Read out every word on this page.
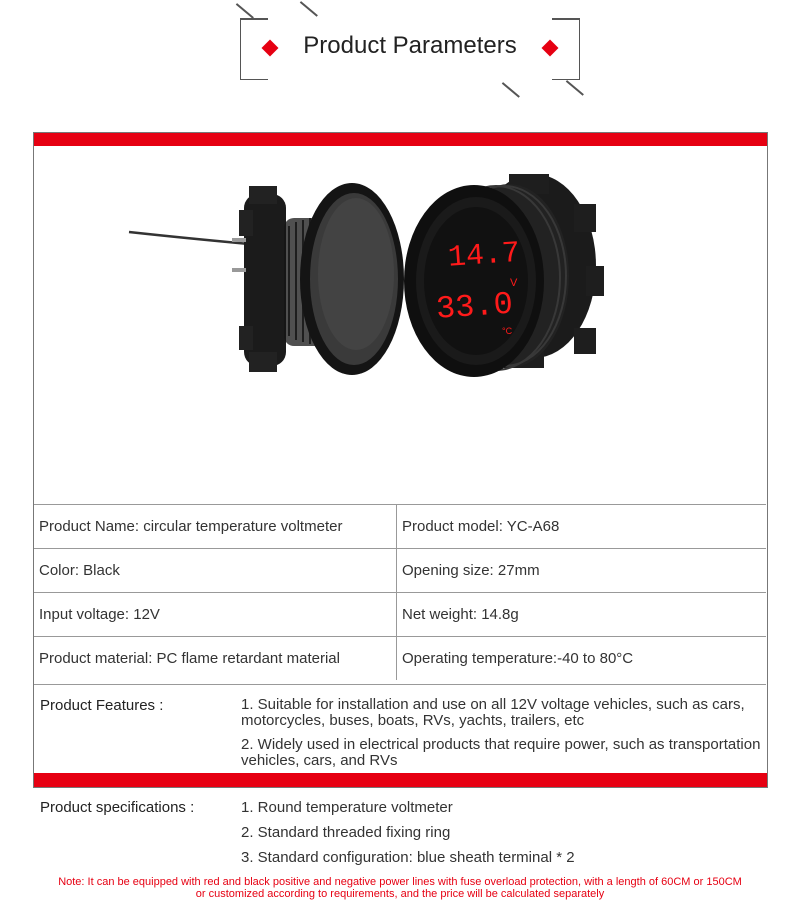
Product Parameters
14.7
V
33.0
°C
Product Name: circular temperature voltmeter	Product model: YC-A68
Color: Black	Opening size: 27mm
Input voltage: 12V	Net weight: 14.8g
Product material: PC flame retardant material	Operating temperature:-40 to 80°C
Product Features :	1. Suitable for installation and use on all 12V voltage vehicles, such as cars, motorcycles, buses, boats, RVs, yachts, trailers, etc
2. Widely used in electrical products that require power, such as transportation vehicles, cars, and RVs
Product specifications :	1. Round temperature voltmeter
2. Standard threaded fixing ring
3. Standard configuration: blue sheath terminal * 2
Note: It can be equipped with red and black positive and negative power lines with fuse overload protection, with a length of 60CM or 150CM or customized according to requirements, and the price will be calculated separately
